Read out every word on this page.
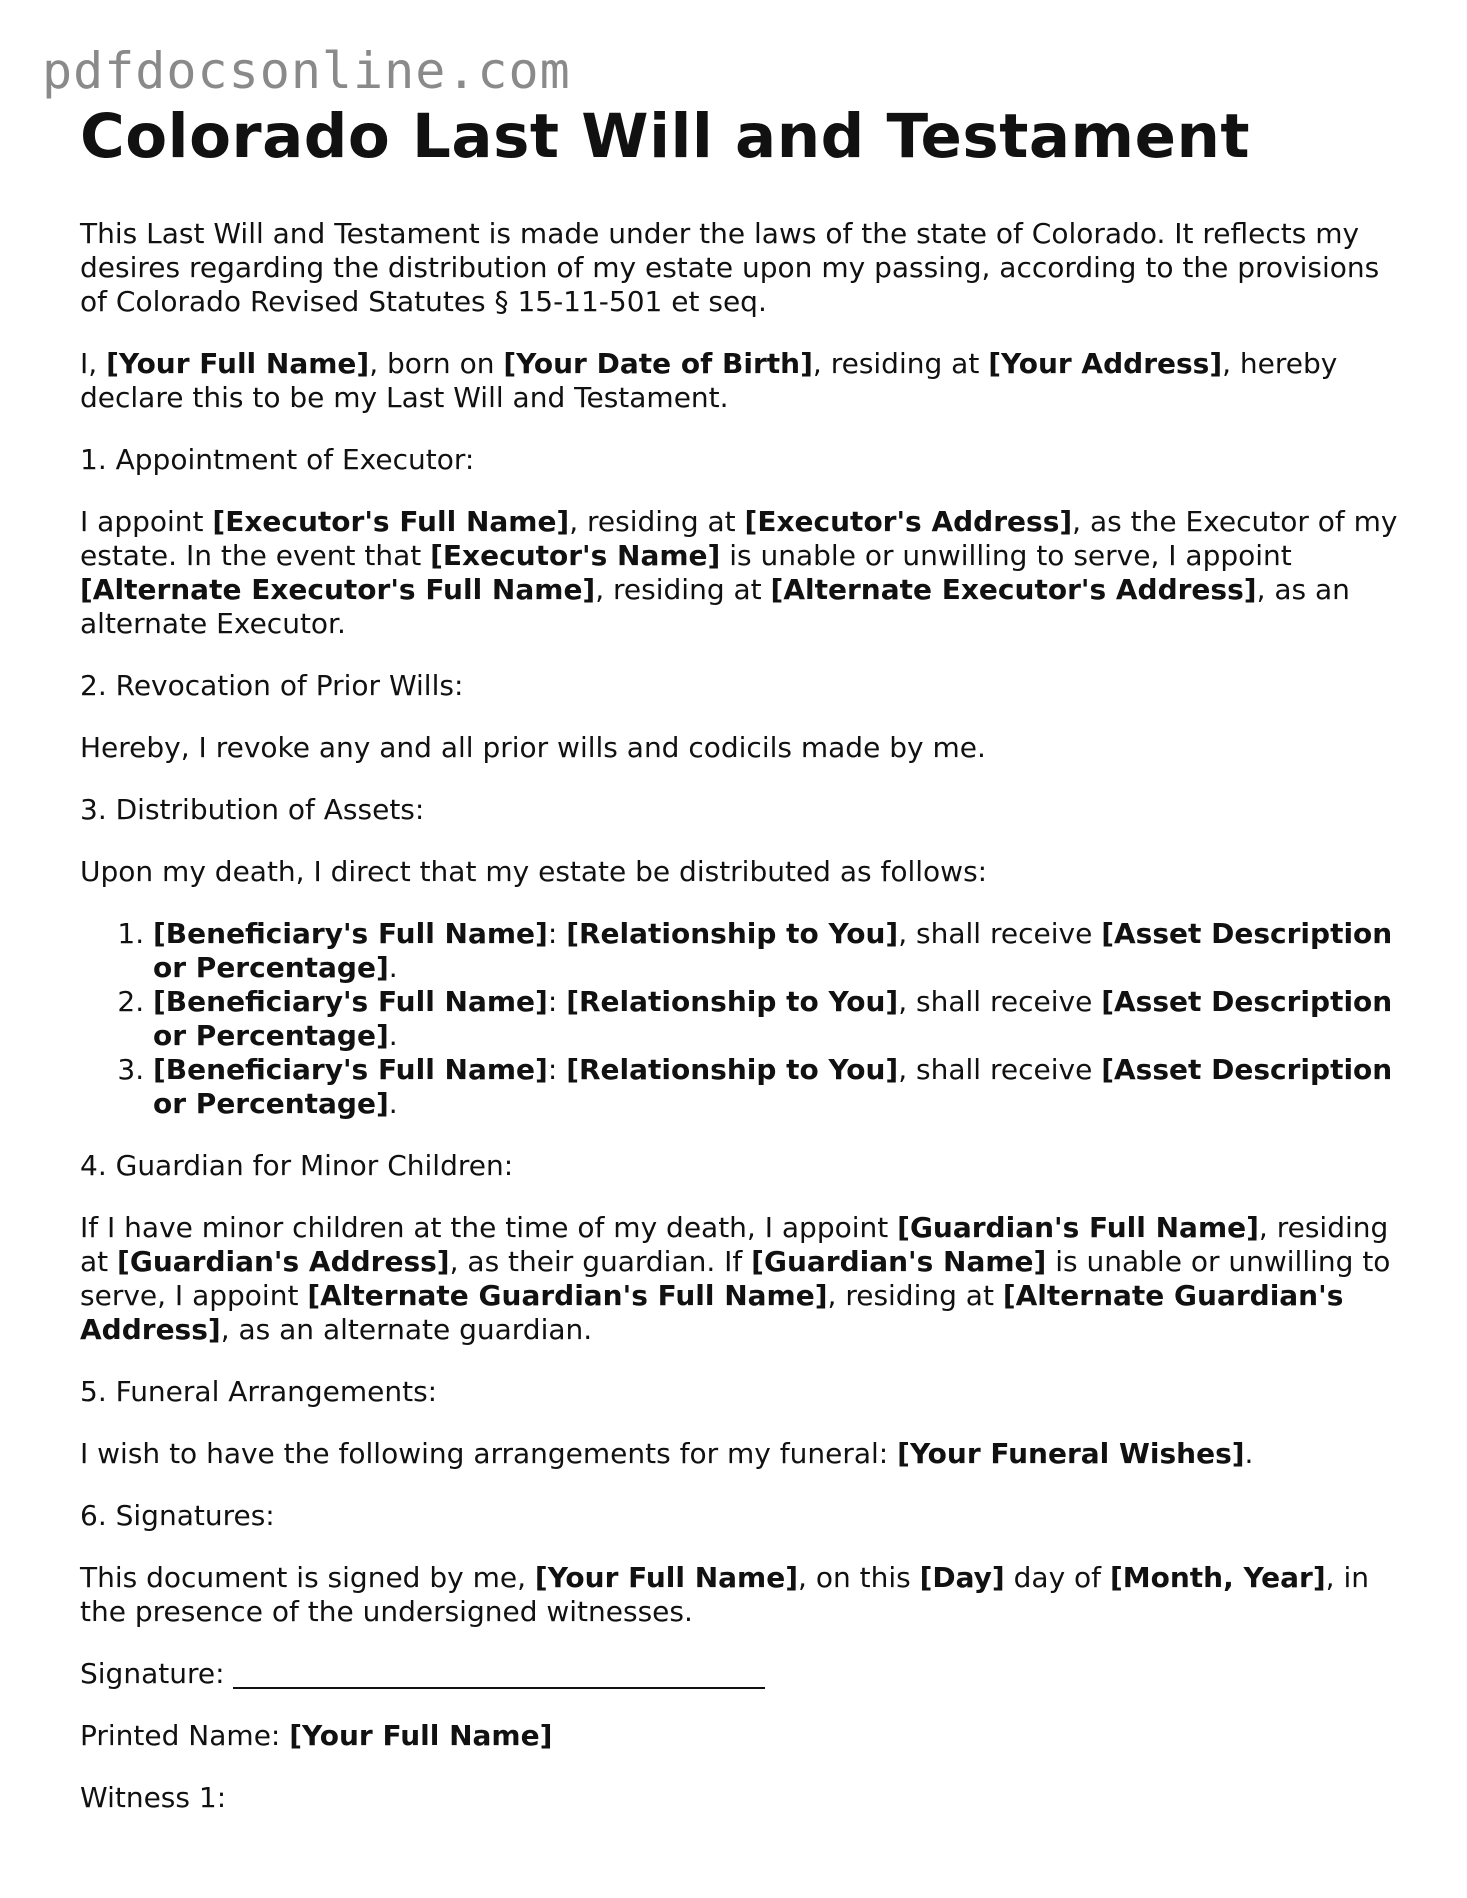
pdfdocsonline.com
Colorado Last Will and Testament

This Last Will and Testament is made under the laws of the state of Colorado. It reflects my desires regarding the distribution of my estate upon my passing, according to the provisions of Colorado Revised Statutes § 15-11-501 et seq.

I, [Your Full Name], born on [Your Date of Birth], residing at [Your Address], hereby declare this to be my Last Will and Testament.

1. Appointment of Executor:

I appoint [Executor's Full Name], residing at [Executor's Address], as the Executor of my estate. In the event that [Executor's Name] is unable or unwilling to serve, I appoint [Alternate Executor's Full Name], residing at [Alternate Executor's Address], as an alternate Executor.

2. Revocation of Prior Wills:

Hereby, I revoke any and all prior wills and codicils made by me.

3. Distribution of Assets:

Upon my death, I direct that my estate be distributed as follows:

1. [Beneficiary's Full Name]: [Relationship to You], shall receive [Asset Description or Percentage].
2. [Beneficiary's Full Name]: [Relationship to You], shall receive [Asset Description or Percentage].
3. [Beneficiary's Full Name]: [Relationship to You], shall receive [Asset Description or Percentage].

4. Guardian for Minor Children:

If I have minor children at the time of my death, I appoint [Guardian's Full Name], residing at [Guardian's Address], as their guardian. If [Guardian's Name] is unable or unwilling to serve, I appoint [Alternate Guardian's Full Name], residing at [Alternate Guardian's Address], as an alternate guardian.

5. Funeral Arrangements:

I wish to have the following arrangements for my funeral: [Your Funeral Wishes].

6. Signatures:

This document is signed by me, [Your Full Name], on this [Day] day of [Month, Year], in the presence of the undersigned witnesses.

Signature:

Printed Name: [Your Full Name]

Witness 1:
